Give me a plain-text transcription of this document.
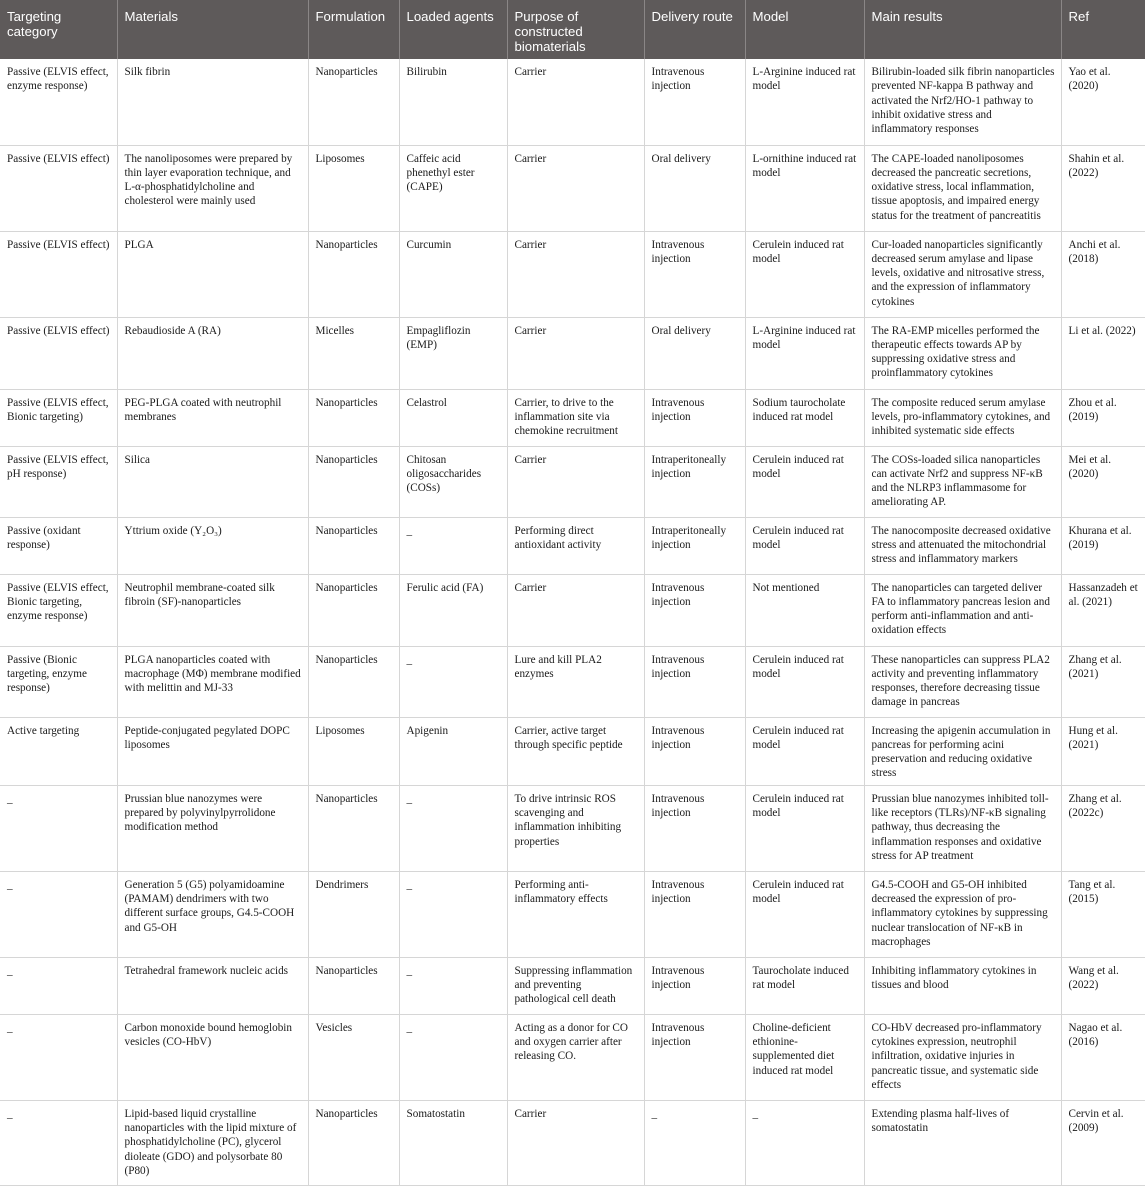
Targeting category	Materials	Formulation	Loaded agents	Purpose of constructed biomaterials	Delivery route	Model	Main results	Ref

Passive (ELVIS effect, enzyme response)	Silk fibrin	Nanoparticles	Bilirubin	Carrier	Intravenous injection	L-Arginine induced rat model	Bilirubin-loaded silk fibrin nanoparticles prevented NF-kappa B pathway and activated the Nrf2/HO-1 pathway to inhibit oxidative stress and inflammatory responses	Yao et al. (2020)

Passive (ELVIS effect)	The nanoliposomes were prepared by thin layer evaporation technique, and L-α-phosphatidylcholine and cholesterol were mainly used	Liposomes	Caffeic acid phenethyl ester (CAPE)	Carrier	Oral delivery	L-ornithine induced rat model	The CAPE-loaded nanoliposomes decreased the pancreatic secretions, oxidative stress, local inflammation, tissue apoptosis, and impaired energy status for the treatment of pancreatitis	Shahin et al. (2022)

Passive (ELVIS effect)	PLGA	Nanoparticles	Curcumin	Carrier	Intravenous injection	Cerulein induced rat model	Cur-loaded nanoparticles significantly decreased serum amylase and lipase levels, oxidative and nitrosative stress, and the expression of inflammatory cytokines	Anchi et al. (2018)

Passive (ELVIS effect)	Rebaudioside A (RA)	Micelles	Empagliflozin (EMP)	Carrier	Oral delivery	L-Arginine induced rat model	The RA-EMP micelles performed the therapeutic effects towards AP by suppressing oxidative stress and proinflammatory cytokines	Li et al. (2022)

Passive (ELVIS effect, Bionic targeting)	PEG-PLGA coated with neutrophil membranes	Nanoparticles	Celastrol	Carrier, to drive to the inflammation site via chemokine recruitment	Intravenous injection	Sodium taurocholate induced rat model	The composite reduced serum amylase levels, pro-inflammatory cytokines, and inhibited systematic side effects	Zhou et al. (2019)

Passive (ELVIS effect, pH response)	Silica	Nanoparticles	Chitosan oligosaccharides (COSs)	Carrier	Intraperitoneally injection	Cerulein induced rat model	The COSs-loaded silica nanoparticles can activate Nrf2 and suppress NF-κB and the NLRP3 inflammasome for ameliorating AP.	Mei et al. (2020)

Passive (oxidant response)	Yttrium oxide (Y₂O₃)	Nanoparticles	_	Performing direct antioxidant activity	Intraperitoneally injection	Cerulein induced rat model	The nanocomposite decreased oxidative stress and attenuated the mitochondrial stress and inflammatory markers	Khurana et al. (2019)

Passive (ELVIS effect, Bionic targeting, enzyme response)	Neutrophil membrane-coated silk fibroin (SF)-nanoparticles	Nanoparticles	Ferulic acid (FA)	Carrier	Intravenous injection	Not mentioned	The nanoparticles can targeted deliver FA to inflammatory pancreas lesion and perform anti-inflammation and anti-oxidation effects	Hassanzadeh et al. (2021)

Passive (Bionic targeting, enzyme response)	PLGA nanoparticles coated with macrophage (MΦ) membrane modified with melittin and MJ-33	Nanoparticles	_	Lure and kill PLA2 enzymes	Intravenous injection	Cerulein induced rat model	These nanoparticles can suppress PLA2 activity and preventing inflammatory responses, therefore decreasing tissue damage in pancreas	Zhang et al. (2021)

Active targeting	Peptide-conjugated pegylated DOPC liposomes	Liposomes	Apigenin	Carrier, active target through specific peptide	Intravenous injection	Cerulein induced rat model	Increasing the apigenin accumulation in pancreas for performing acini preservation and reducing oxidative stress	Hung et al. (2021)

_	Prussian blue nanozymes were prepared by polyvinylpyrrolidone modification method	Nanoparticles	_	To drive intrinsic ROS scavenging and inflammation inhibiting properties	Intravenous injection	Cerulein induced rat model	Prussian blue nanozymes inhibited toll-like receptors (TLRs)/NF-κB signaling pathway, thus decreasing the inflammation responses and oxidative stress for AP treatment	Zhang et al. (2022c)

_	Generation 5 (G5) polyamidoamine (PAMAM) dendrimers with two different surface groups, G4.5-COOH and G5-OH	Dendrimers	_	Performing anti-inflammatory effects	Intravenous injection	Cerulein induced rat model	G4.5-COOH and G5-OH inhibited decreased the expression of pro-inflammatory cytokines by suppressing nuclear translocation of NF-κB in macrophages	Tang et al. (2015)

_	Tetrahedral framework nucleic acids	Nanoparticles	_	Suppressing inflammation and preventing pathological cell death	Intravenous injection	Taurocholate induced rat model	Inhibiting inflammatory cytokines in tissues and blood	Wang et al. (2022)

_	Carbon monoxide bound hemoglobin vesicles (CO-HbV)	Vesicles	_	Acting as a donor for CO and oxygen carrier after releasing CO.	Intravenous injection	Choline-deficient ethionine-supplemented diet induced rat model	CO-HbV decreased pro-inflammatory cytokines expression, neutrophil infiltration, oxidative injuries in pancreatic tissue, and systematic side effects	Nagao et al. (2016)

_	Lipid-based liquid crystalline nanoparticles with the lipid mixture of phosphatidylcholine (PC), glycerol dioleate (GDO) and polysorbate 80 (P80)	Nanoparticles	Somatostatin	Carrier	_	_	Extending plasma half-lives of somatostatin	Cervin et al. (2009)
